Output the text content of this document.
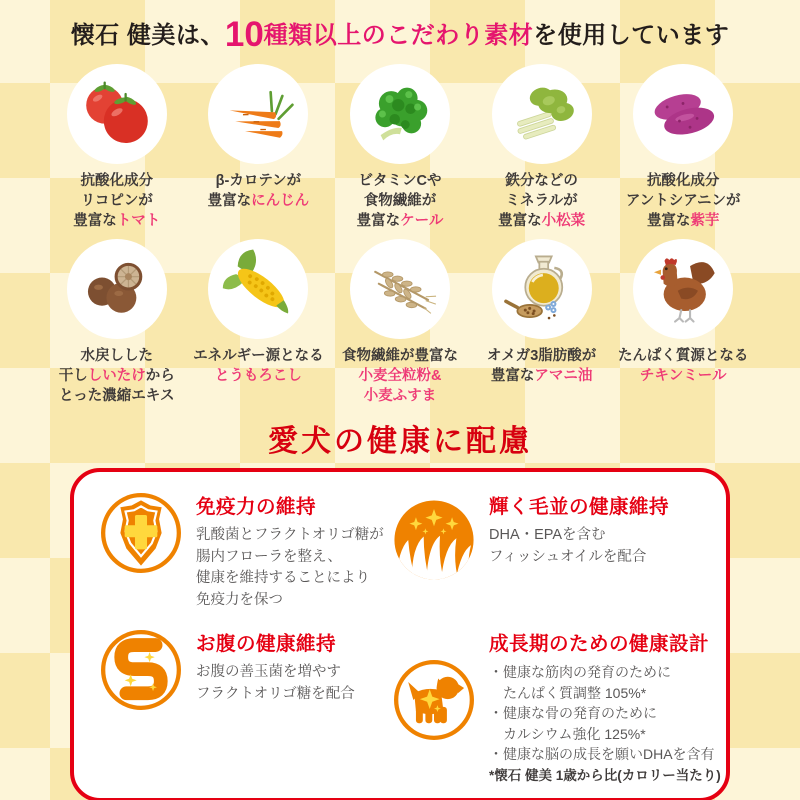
懐石 健美は、10種類以上のこだわり素材を使用しています
抗酸化成分
リコピンが
豊富なトマト
β-カロテンが
豊富なにんじん
ビタミンCや
食物繊維が
豊富なケール
鉄分などの
ミネラルが
豊富な小松菜
抗酸化成分
アントシアニンが
豊富な紫芋
水戻しした
干ししいたけから
とった濃縮エキス
エネルギー源となる
とうもろこし
食物繊維が豊富な
小麦全粒粉&
小麦ふすま
オメガ3脂肪酸が
豊富なアマニ油
たんぱく質源となる
チキンミール
愛犬の健康に配慮
免疫力の維持
乳酸菌とフラクトオリゴ糖が
腸内フローラを整え、
健康を維持することにより
免疫力を保つ
輝く毛並の健康維持
DHA・EPAを含む
フィッシュオイルを配合
お腹の健康維持
お腹の善玉菌を増やす
フラクトオリゴ糖を配合
成長期のための健康設計
・健康な筋肉の発育のために
　たんぱく質調整 105%*
・健康な骨の発育のために
　カルシウム強化 125%*
・健康な脳の成長を願いDHAを含有
*懐石 健美 1歳から比(カロリー当たり)
